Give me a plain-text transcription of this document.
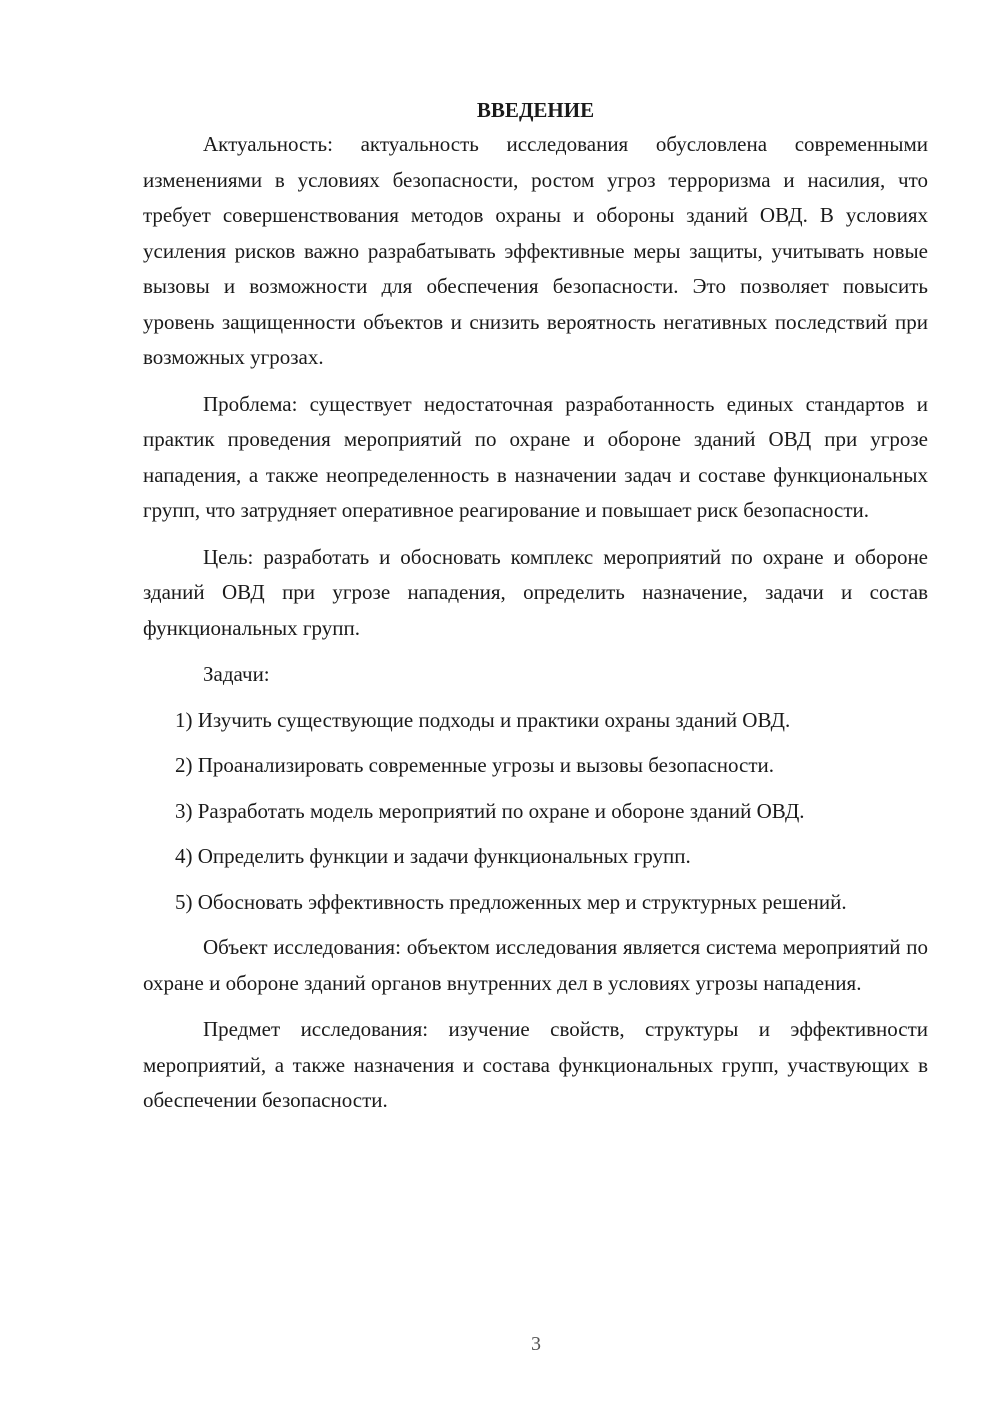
ВВЕДЕНИЕ

Актуальность: актуальность исследования обусловлена современными изменениями в условиях безопасности, ростом угроз терроризма и насилия, что требует совершенствования методов охраны и обороны зданий ОВД. В условиях усиления рисков важно разрабатывать эффективные меры защиты, учитывать новые вызовы и возможности для обеспечения безопасности. Это позволяет повысить уровень защищенности объектов и снизить вероятность негативных последствий при возможных угрозах.

Проблема: существует недостаточная разработанность единых стандартов и практик проведения мероприятий по охране и обороне зданий ОВД при угрозе нападения, а также неопределенность в назначении задач и составе функциональных групп, что затрудняет оперативное реагирование и повышает риск безопасности.

Цель: разработать и обосновать комплекс мероприятий по охране и обороне зданий ОВД при угрозе нападения, определить назначение, задачи и состав функциональных групп.

Задачи:

1) Изучить существующие подходы и практики охраны зданий ОВД.

2) Проанализировать современные угрозы и вызовы безопасности.

3) Разработать модель мероприятий по охране и обороне зданий ОВД.

4) Определить функции и задачи функциональных групп.

5) Обосновать эффективность предложенных мер и структурных решений.

Объект исследования: объектом исследования является система мероприятий по охране и обороне зданий органов внутренних дел в условиях угрозы нападения.

Предмет исследования: изучение свойств, структуры и эффективности мероприятий, а также назначения и состава функциональных групп, участвующих в обеспечении безопасности.

3
